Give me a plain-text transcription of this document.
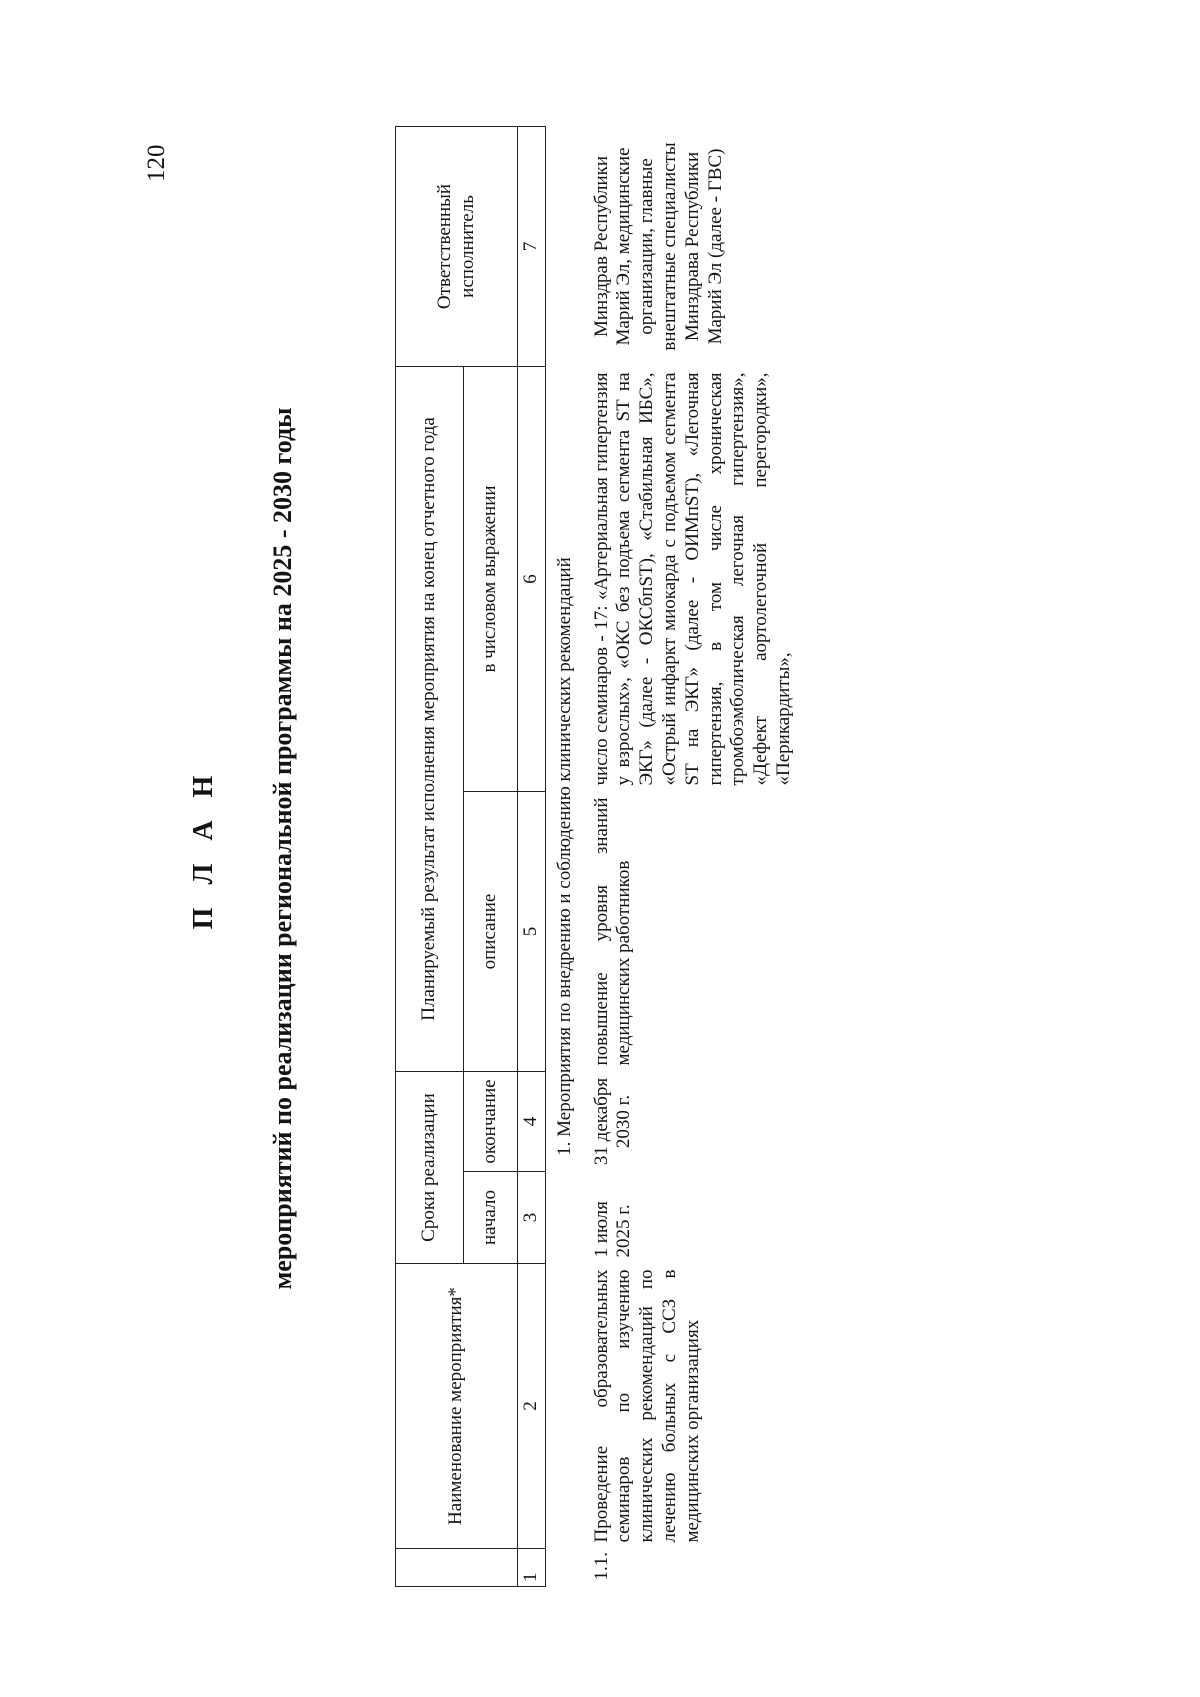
120
П Л А Н мероприятий по реализации региональной программы на 2025 - 2030 годы
	Наименование мероприятия*	Сроки реализации		Планируемый результат исполнения мероприятия на конец отчетного года		Ответственный исполнитель
		начало	окончание	описание	в числовом выражении	
1	2	3	4	5	6	7
1. Мероприятия по внедрению и соблюдению клинических рекомендаций						
1.1.	Проведение образовательных семинаров по изучению клинических рекомендаций по лечению больных с ССЗ в медицинских организациях	1 июля 2025 г.	31 декабря 2030 г.	повышение уровня знаний медицинских работников	число семинаров - 17: «Артериальная гипертензия у взрослых», «ОКС без подъема сегмента ST на ЭКГ» (далее - ОКСбпST), «Стабильная ИБС», «Острый инфаркт миокарда с подъемом сегмента ST на ЭКГ» (далее - ОИМпST), «Легочная гипертензия, в том числе хроническая тромбоэмболическая легочная гипертензия», «Дефект аортолегочной перегородки», «Перикардиты»,	Минздрав Республики Марий Эл, медицинские организации, главные внештатные специалисты Минздрава Республики Марий Эл (далее - ГВС)
